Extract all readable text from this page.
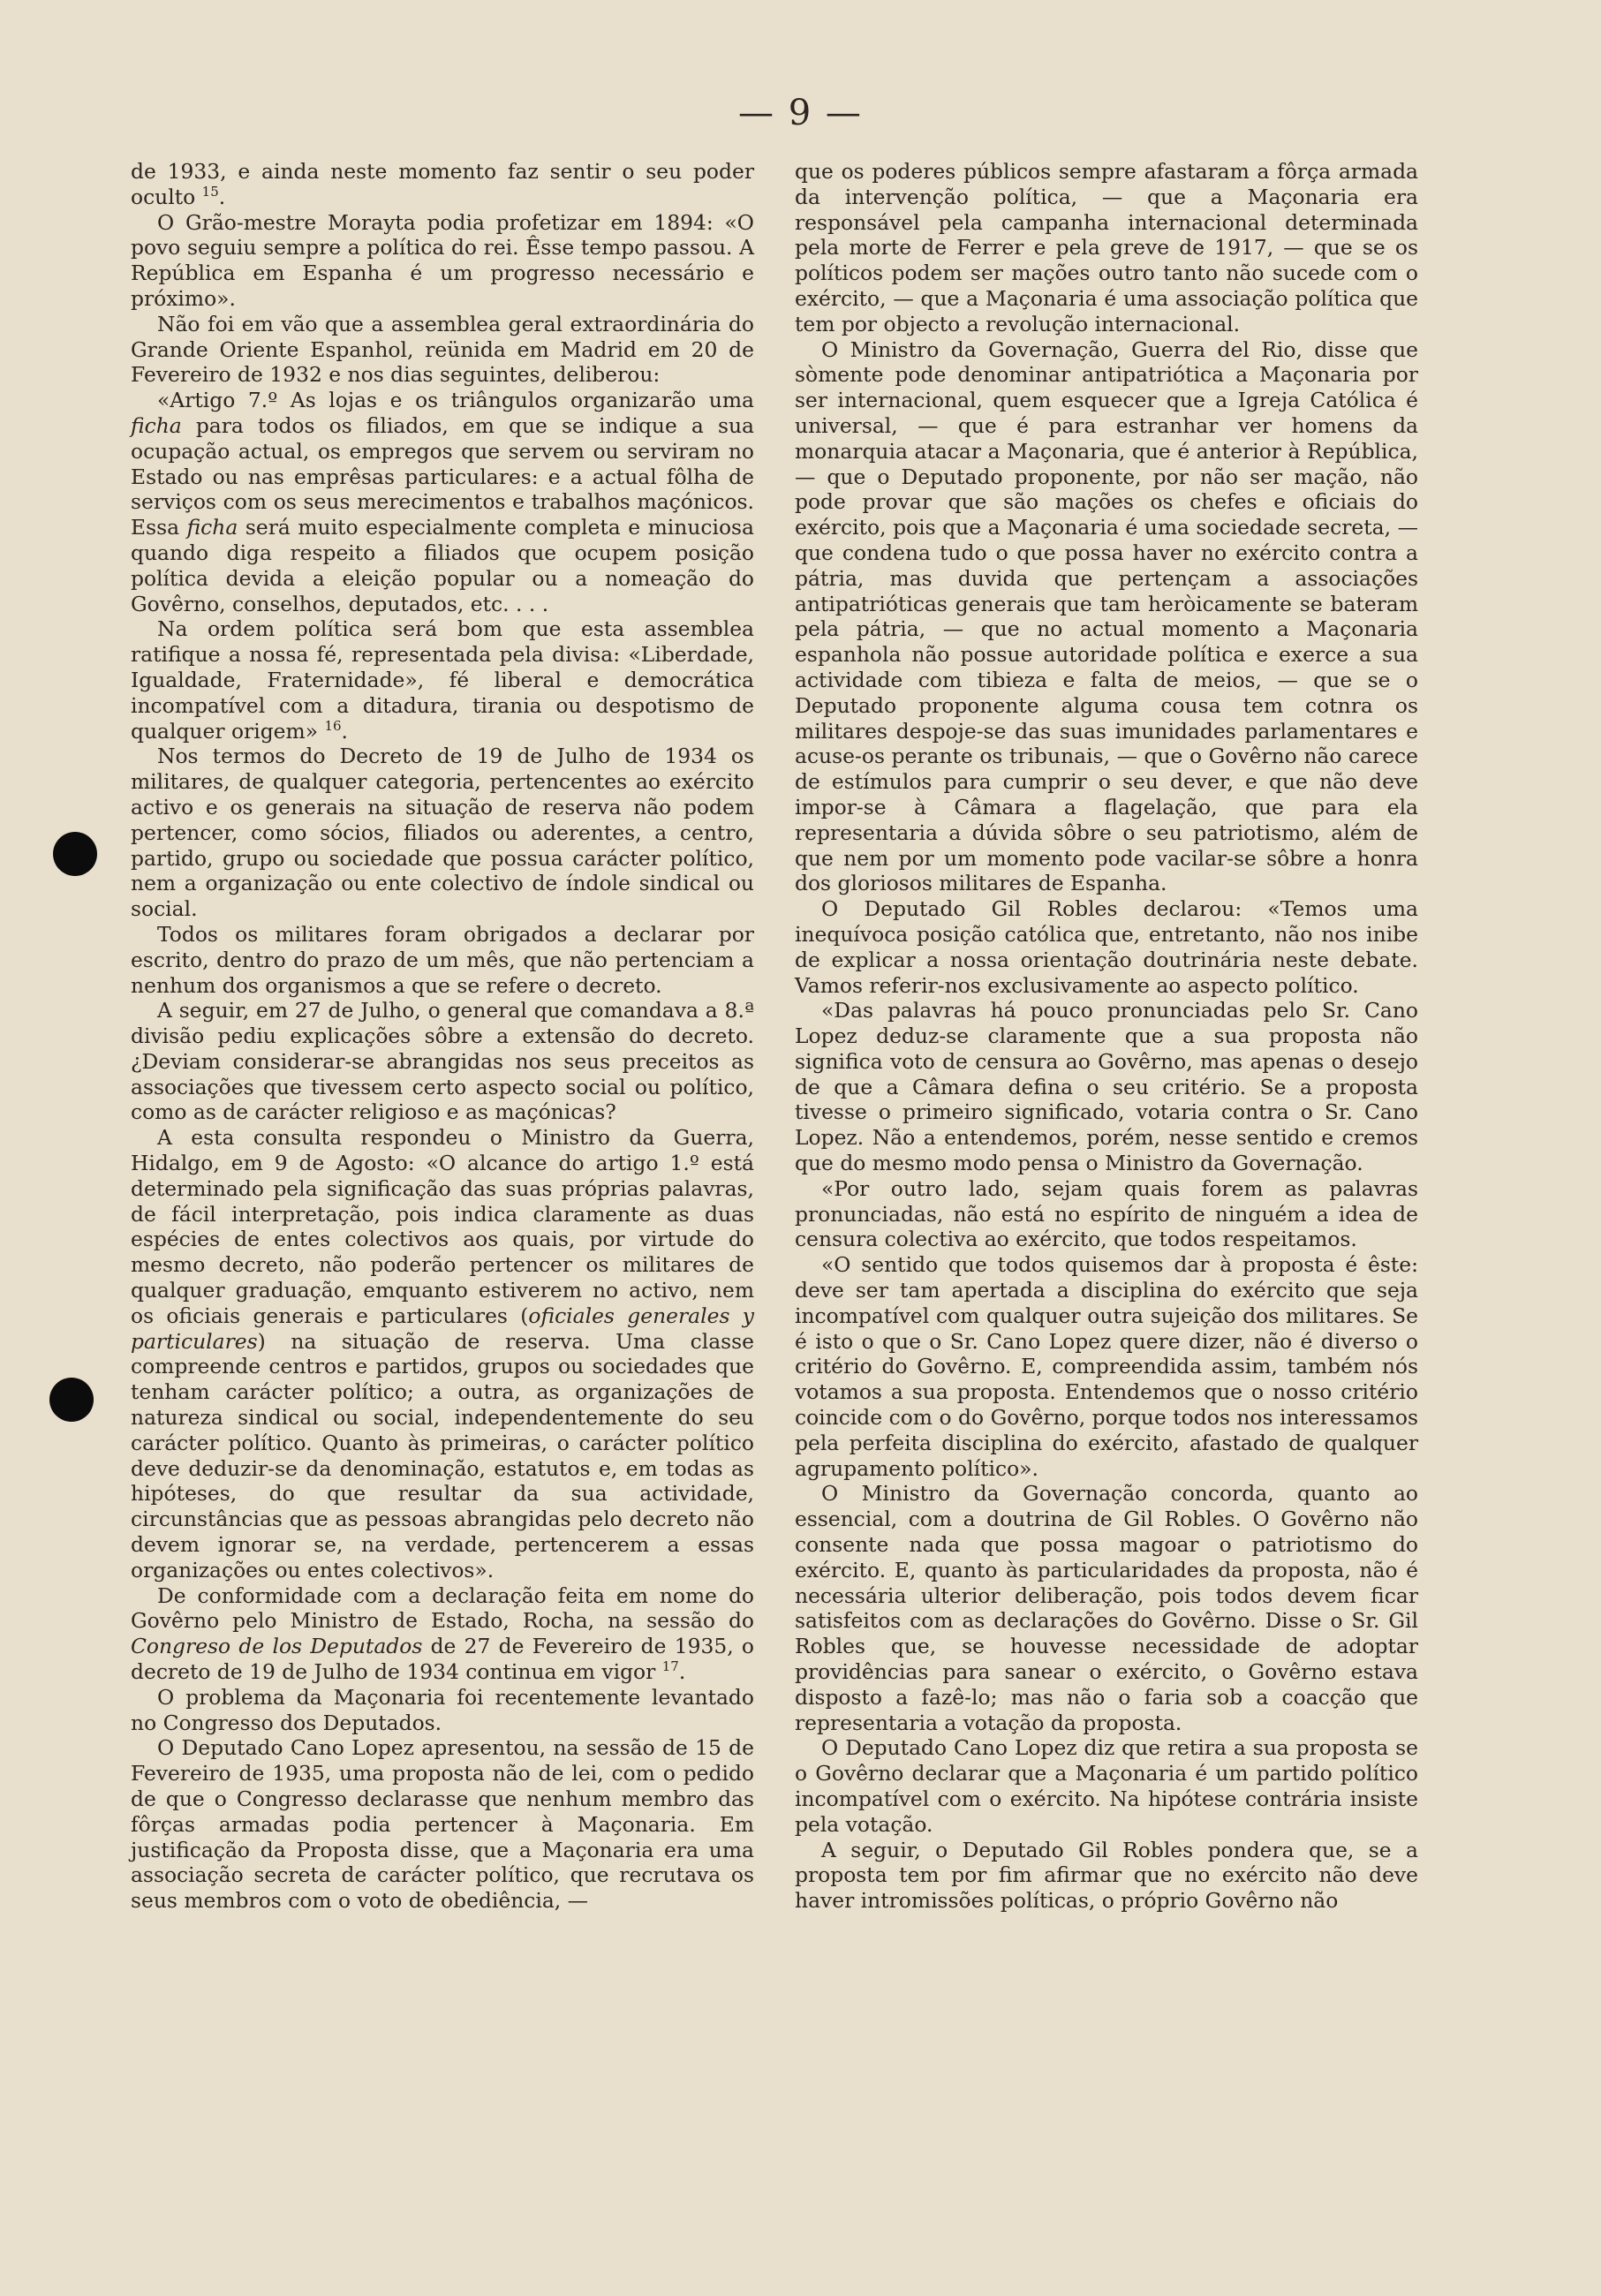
— 9 —

de 1933, e ainda neste momento faz sentir o seu poder oculto $^{15}$.

O Grão-mestre Morayta podia profetizar em 1894: «O povo seguiu sempre a política do rei. Êsse tempo passou. A República em Espanha é um progresso necessário e próximo».

Não foi em vão que a assemblea geral extraordinária do Grande Oriente Espanhol, reünida em Madrid em 20 de Fevereiro de 1932 e nos dias seguintes, deliberou:

«Artigo 7.º As lojas e os triângulos organizarão uma ficha para todos os filiados, em que se indique a sua ocupação actual, os empregos que servem ou serviram no Estado ou nas emprêsas particulares: e a actual fôlha de serviços com os seus merecimentos e trabalhos maçónicos. Essa ficha será muito especialmente completa e minuciosa quando diga respeito a filiados que ocupem posição política devida a eleição popular ou a nomeação do Govêrno, conselhos, deputados, etc. . . .

Na ordem política será bom que esta assemblea ratifique a nossa fé, representada pela divisa: «Liberdade, Igualdade, Fraternidade», fé liberal e democrática incompatível com a ditadura, tirania ou despotismo de qualquer origem» $^{16}$.

Nos termos do Decreto de 19 de Julho de 1934 os militares, de qualquer categoria, pertencentes ao exército activo e os generais na situação de reserva não podem pertencer, como sócios, filiados ou aderentes, a centro, partido, grupo ou sociedade que possua carácter político, nem a organização ou ente colectivo de índole sindical ou social.

Todos os militares foram obrigados a declarar por escrito, dentro do prazo de um mês, que não pertenciam a nenhum dos organismos a que se refere o decreto.

A seguir, em 27 de Julho, o general que comandava a 8.ª divisão pediu explicações sôbre a extensão do decreto. ¿Deviam considerar-se abrangidas nos seus preceitos as associações que tivessem certo aspecto social ou político, como as de carácter religioso e as maçónicas?

A esta consulta respondeu o Ministro da Guerra, Hidalgo, em 9 de Agosto: «O alcance do artigo 1.º está determinado pela significação das suas próprias palavras, de fácil interpretação, pois indica claramente as duas espécies de entes colectivos aos quais, por virtude do mesmo decreto, não poderão pertencer os militares de qualquer graduação, emquanto estiverem no activo, nem os oficiais generais e particulares (oficiales generales y particulares) na situação de reserva. Uma classe compreende centros e partidos, grupos ou sociedades que tenham carácter político; a outra, as organizações de natureza sindical ou social, independentemente do seu carácter político. Quanto às primeiras, o carácter político deve deduzir-se da denominação, estatutos e, em todas as hipóteses, do que resultar da sua actividade, circunstâncias que as pessoas abrangidas pelo decreto não devem ignorar se, na verdade, pertencerem a essas organizações ou entes colectivos».

De conformidade com a declaração feita em nome do Govêrno pelo Ministro de Estado, Rocha, na sessão do Congreso de los Deputados de 27 de Fevereiro de 1935, o decreto de 19 de Julho de 1934 continua em vigor $^{17}$.

O problema da Maçonaria foi recentemente levantado no Congresso dos Deputados.

O Deputado Cano Lopez apresentou, na sessão de 15 de Fevereiro de 1935, uma proposta não de lei, com o pedido de que o Congresso declarasse que nenhum membro das fôrças armadas podia pertencer à Maçonaria. Em justificação da Proposta disse, que a Maçonaria era uma associação secreta de carácter político, que recrutava os seus membros com o voto de obediência, —

que os poderes públicos sempre afastaram a fôrça armada da intervenção política, — que a Maçonaria era responsável pela campanha internacional determinada pela morte de Ferrer e pela greve de 1917, — que se os políticos podem ser mações outro tanto não sucede com o exército, — que a Maçonaria é uma associação política que tem por objecto a revolução internacional.

O Ministro da Governação, Guerra del Rio, disse que sòmente pode denominar antipatriótica a Maçonaria por ser internacional, quem esquecer que a Igreja Católica é universal, — que é para estranhar ver homens da monarquia atacar a Maçonaria, que é anterior à República, — que o Deputado proponente, por não ser mação, não pode provar que são mações os chefes e oficiais do exército, pois que a Maçonaria é uma sociedade secreta, — que condena tudo o que possa haver no exército contra a pátria, mas duvida que pertençam a associações antipatrióticas generais que tam heròicamente se bateram pela pátria, — que no actual momento a Maçonaria espanhola não possue autoridade política e exerce a sua actividade com tibieza e falta de meios, — que se o Deputado proponente alguma cousa tem cotnra os militares despoje-se das suas imunidades parlamentares e acuse-os perante os tribunais, — que o Govêrno não carece de estímulos para cumprir o seu dever, e que não deve impor-se à Câmara a flagelação, que para ela representaria a dúvida sôbre o seu patriotismo, além de que nem por um momento pode vacilar-se sôbre a honra dos gloriosos militares de Espanha.

O Deputado Gil Robles declarou: «Temos uma inequívoca posição católica que, entretanto, não nos inibe de explicar a nossa orientação doutrinária neste debate. Vamos referir-nos exclusivamente ao aspecto político.

«Das palavras há pouco pronunciadas pelo Sr. Cano Lopez deduz-se claramente que a sua proposta não significa voto de censura ao Govêrno, mas apenas o desejo de que a Câmara defina o seu critério. Se a proposta tivesse o primeiro significado, votaria contra o Sr. Cano Lopez. Não a entendemos, porém, nesse sentido e cremos que do mesmo modo pensa o Ministro da Governação.

«Por outro lado, sejam quais forem as palavras pronunciadas, não está no espírito de ninguém a idea de censura colectiva ao exército, que todos respeitamos.

«O sentido que todos quisemos dar à proposta é êste: deve ser tam apertada a disciplina do exército que seja incompatível com qualquer outra sujeição dos militares. Se é isto o que o Sr. Cano Lopez quere dizer, não é diverso o critério do Govêrno. E, compreendida assim, também nós votamos a sua proposta. Entendemos que o nosso critério coincide com o do Govêrno, porque todos nos interessamos pela perfeita disciplina do exército, afastado de qualquer agrupamento político».

O Ministro da Governação concorda, quanto ao essencial, com a doutrina de Gil Robles. O Govêrno não consente nada que possa magoar o patriotismo do exército. E, quanto às particularidades da proposta, não é necessária ulterior deliberação, pois todos devem ficar satisfeitos com as declarações do Govêrno. Disse o Sr. Gil Robles que, se houvesse necessidade de adoptar providências para sanear o exército, o Govêrno estava disposto a fazê-lo; mas não o faria sob a coacção que representaria a votação da proposta.

O Deputado Cano Lopez diz que retira a sua proposta se o Govêrno declarar que a Maçonaria é um partido político incompatível com o exército. Na hipótese contrária insiste pela votação.

A seguir, o Deputado Gil Robles pondera que, se a proposta tem por fim afirmar que no exército não deve haver intromissões políticas, o próprio Govêrno não
